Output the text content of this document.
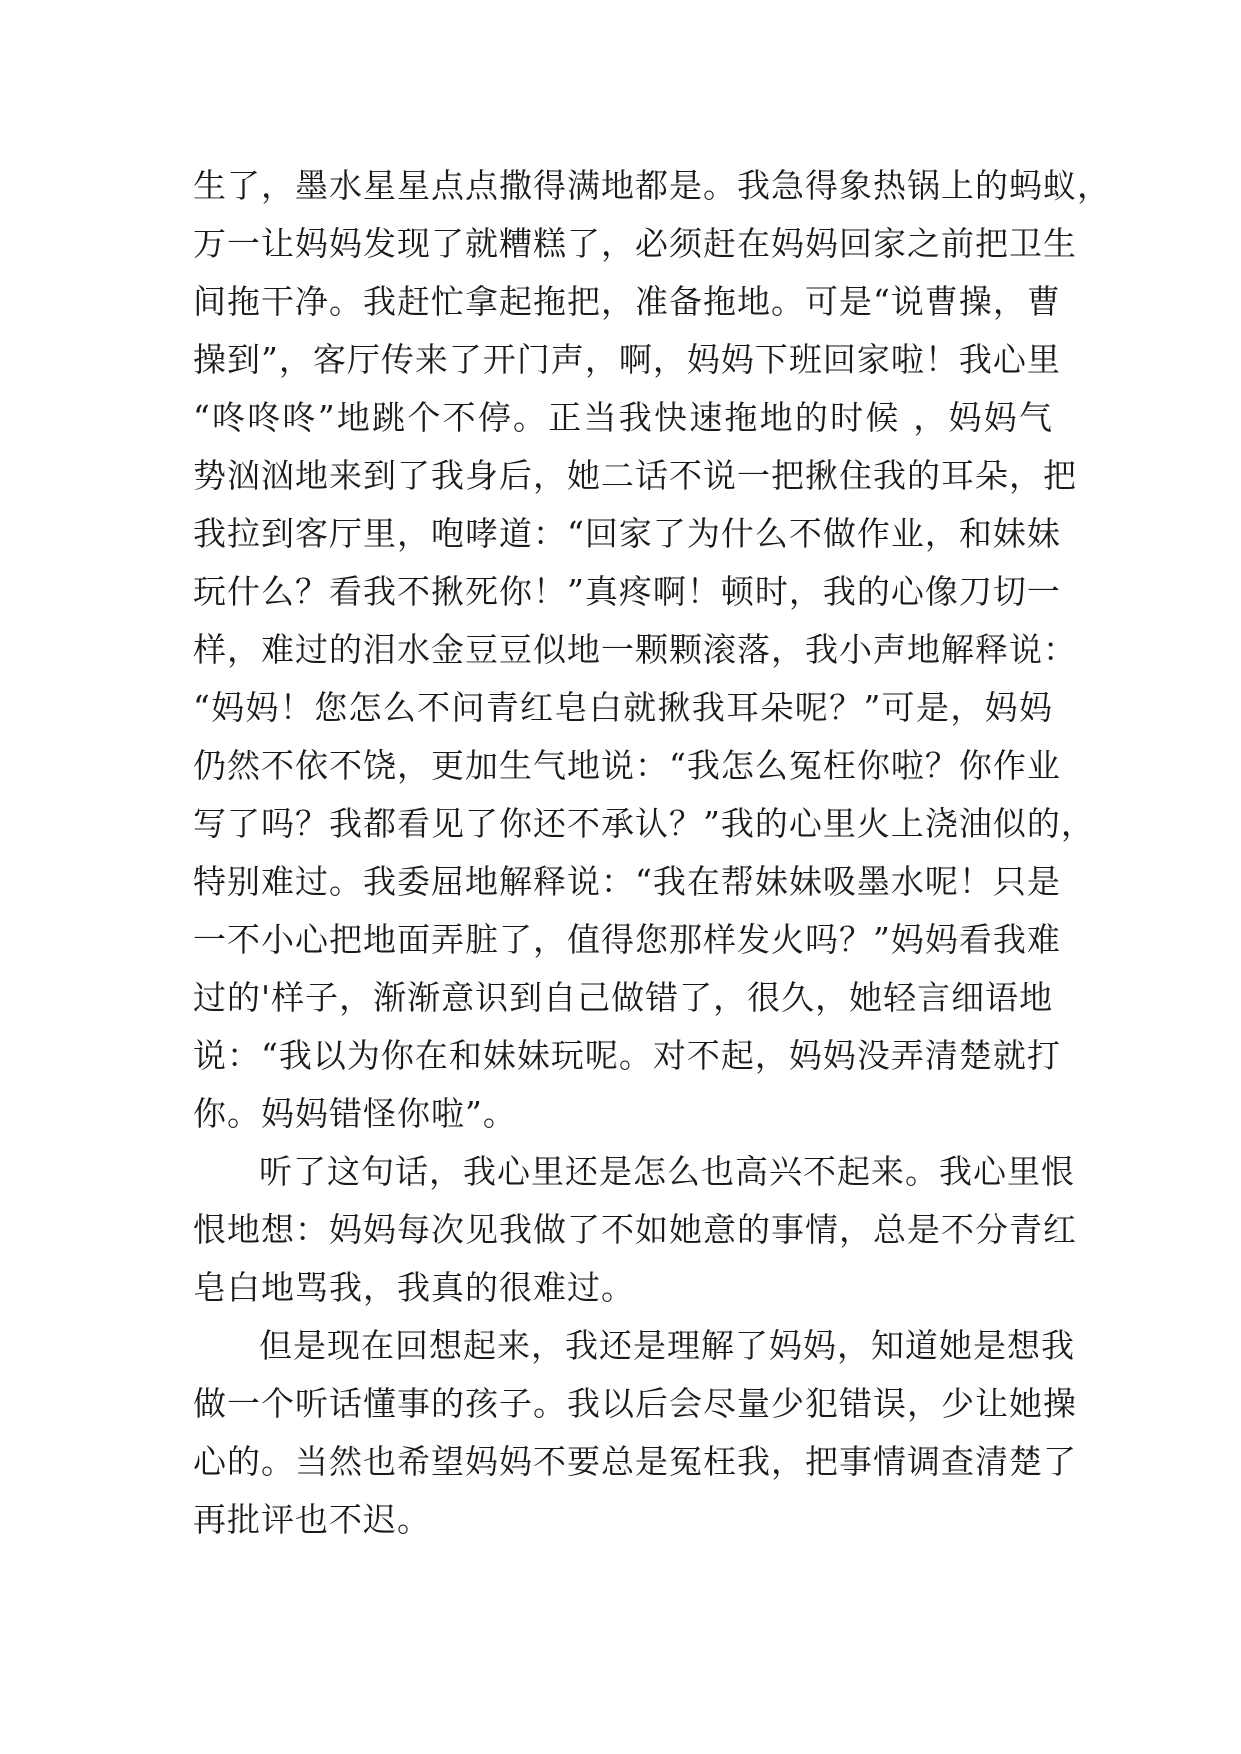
生了，墨水星星点点撒得满地都是。我急得象热锅上的蚂蚁，
万一让妈妈发现了就糟糕了，必须赶在妈妈回家之前把卫生
间拖干净。我赶忙拿起拖把，准备拖地。可是“说曹操，曹
操到”，客厅传来了开门声，啊，妈妈下班回家啦！我心里
“咚咚咚”地跳个不停。正当我快速拖地的时候 ，妈妈气
势汹汹地来到了我身后，她二话不说一把揪住我的耳朵，把
我拉到客厅里，咆哮道：“回家了为什么不做作业，和妹妹
玩什么？看我不揪死你！”真疼啊！顿时，我的心像刀切一
样，难过的泪水金豆豆似地一颗颗滚落，我小声地解释说：
“妈妈！您怎么不问青红皂白就揪我耳朵呢？”可是，妈妈
仍然不依不饶，更加生气地说：“我怎么冤枉你啦？你作业
写了吗？我都看见了你还不承认？”我的心里火上浇油似的，
特别难过。我委屈地解释说：“我在帮妹妹吸墨水呢！只是
一不小心把地面弄脏了，值得您那样发火吗？”妈妈看我难
过的'样子，渐渐意识到自己做错了，很久，她轻言细语地
说：“我以为你在和妹妹玩呢。对不起，妈妈没弄清楚就打
你。妈妈错怪你啦”。
听了这句话，我心里还是怎么也高兴不起来。我心里恨
恨地想：妈妈每次见我做了不如她意的事情，总是不分青红
皂白地骂我，我真的很难过。
但是现在回想起来，我还是理解了妈妈，知道她是想我
做一个听话懂事的孩子。我以后会尽量少犯错误，少让她操
心的。当然也希望妈妈不要总是冤枉我，把事情调查清楚了
再批评也不迟。
